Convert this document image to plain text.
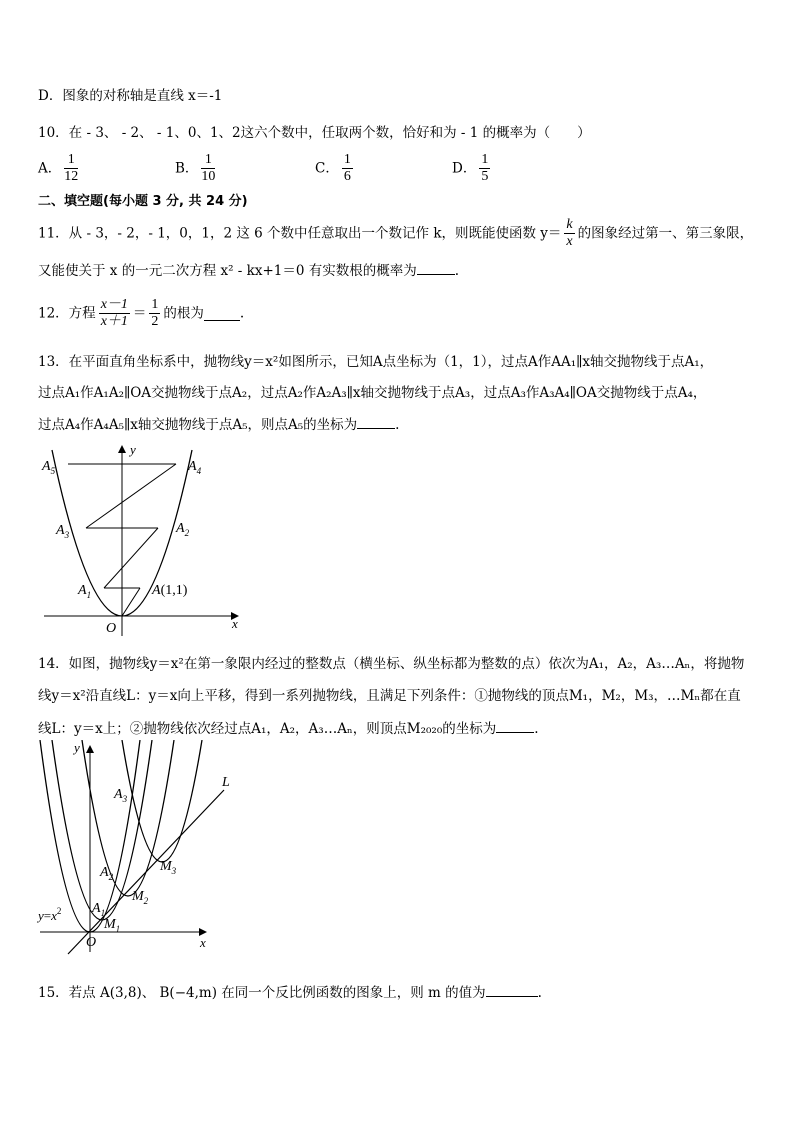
D．图象的对称轴是直线 x＝-1
10．在 - 3、 - 2、 - 1、0、1、2这六个数中，任取两个数，恰好和为 - 1 的概率为（　　）
A． $\frac{1}{12}$	B． $\frac{1}{10}$	C． $\frac{1}{6}$	D． $\frac{1}{5}$
二、填空题(每小题 3 分, 共 24 分)
11．从 - 3，- 2，- 1，0，1，2 这 6 个数中任意取出一个数记作 k，则既能使函数 $y= \frac{k}{x}$ 的图象经过第一、第三象限，
又能使关于 x 的一元二次方程 x² - kx+1＝0 有实数根的概率为	.
12．方程 $\frac{x-1}{x+1} = \frac{1}{2}$ 的根为	.
13．在平面直角坐标系中，抛物线y＝x²如图所示，已知A点坐标为（1，1），过点A作AA₁∥x轴交抛物线于点A₁，
过点A₁作A₁A₂∥OA交抛物线于点A₂，过点A₂作A₂A₃∥x轴交抛物线于点A₃，过点A₃作A₃A₄∥OA交抛物线于点A₄，
过点A₄作A₄A₅∥x轴交抛物线于点A₅，则点A₅的坐标为	.
$A_5$	$A_4$
$A_3$	$A_2$
$A_1$	A(1,1)
O	x
y
14．如图，抛物线y＝x²在第一象限内经过的整数点（横坐标、纵坐标都为整数的点）依次为A₁，A₂，A₃…Aₙ，将抛物
线y＝x²沿直线L：y＝x向上平移，得到一系列抛物线，且满足下列条件：①抛物线的顶点M₁，M₂，M₃，…Mₙ都在直
线L：y＝x上；②抛物线依次经过点A₁，A₂，A₃…Aₙ，则顶点M₂₀₂₀的坐标为	.
y
L
$A_3$
$M_3$
$A_2$
$M_2$
$A_1$
$M_1$
$y=x^2$
O	x
15．若点 A(3,8)、 B(−4,m) 在同一个反比例函数的图象上，则 m 的值为	.
